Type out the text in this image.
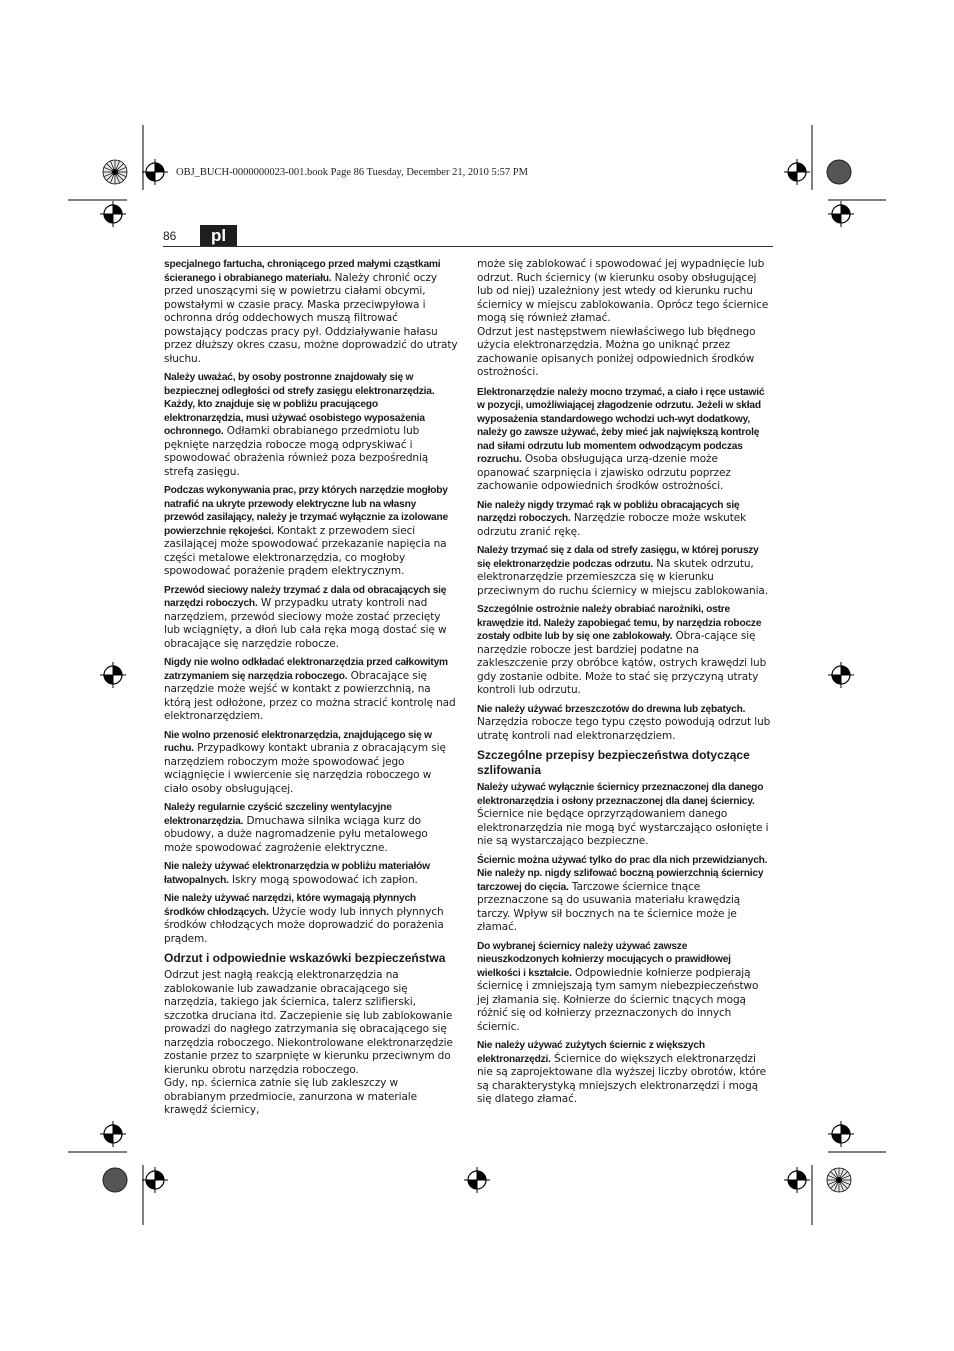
OBJ_BUCH-0000000023-001.book Page 86 Tuesday, December 21, 2010 5:57 PM
86	pl

specjalnego fartucha, chroniącego przed małymi cząstkami ścieranego i obrabianego materiału. Należy chronić oczy przed unoszącymi się w powietrzu ciałami obcymi, powstałymi w czasie pracy. Maska przeciwpyłowa i ochronna dróg oddechowych muszą filtrować powstający podczas pracy pył. Oddziaływanie hałasu przez dłuższy okres czasu, możne doprowadzić do utraty słuchu.

Należy uważać, by osoby postronne znajdowały się w bezpiecznej odległości od strefy zasięgu elektronarzędzia. Każdy, kto znajduje się w pobliżu pracującego elektronarzędzia, musi używać osobistego wyposażenia ochronnego. Odłamki obrabianego przedmiotu lub pęknięte narzędzia robocze mogą odpryskiwać i spowodować obrażenia również poza bezpośrednią strefą zasięgu.

Podczas wykonywania prac, przy których narzędzie mogłoby natrafić na ukryte przewody elektryczne lub na własny przewód zasilający, należy je trzymać wyłącznie za izolowane powierzchnie rękojeści. Kontakt z przewodem sieci zasilającej może spowodować przekazanie napięcia na części metalowe elektronarzędzia, co mogłoby spowodować porażenie prądem elektrycznym.

Przewód sieciowy należy trzymać z dala od obracających się narzędzi roboczych. W przypadku utraty kontroli nad narzędziem, przewód sieciowy może zostać przecięty lub wciągnięty, a dłoń lub cała ręka mogą dostać się w obracające się narzędzie robocze.

Nigdy nie wolno odkładać elektronarzędzia przed całkowitym zatrzymaniem się narzędzia roboczego. Obracające się narzędzie może wejść w kontakt z powierzchnią, na którą jest odłożone, przez co można stracić kontrolę nad elektronarzędziem.

Nie wolno przenosić elektronarzędzia, znajdującego się w ruchu. Przypadkowy kontakt ubrania z obracającym się narzędziem roboczym może spowodować jego wciągnięcie i wwiercenie się narzędzia roboczego w ciało osoby obsługującej.

Należy regularnie czyścić szczeliny wentylacyjne elektronarzędzia. Dmuchawa silnika wciąga kurz do obudowy, a duże nagromadzenie pyłu metalowego może spowodować zagrożenie elektryczne.

Nie należy używać elektronarzędzia w pobliżu materiałów łatwopalnych. Iskry mogą spowodować ich zapłon.

Nie należy używać narzędzi, które wymagają płynnych środków chłodzących. Użycie wody lub innych płynnych środków chłodzących może doprowadzić do porażenia prądem.

Odrzut i odpowiednie wskazówki bezpieczeństwa

Odrzut jest nagłą reakcją elektronarzędzia na zablokowanie lub zawadzanie obracającego się narzędzia, takiego jak ściernica, talerz szlifierski, szczotka druciana itd. Zaczepienie się lub zablokowanie prowadzi do nagłego zatrzymania się obracającego się narzędzia roboczego. Niekontrolowane elektronarzędzie zostanie przez to szarpnięte w kierunku przeciwnym do kierunku obrotu narzędzia roboczego.

Gdy, np. ściernica zatnie się lub zakleszczy w obrabianym przedmiocie, zanurzona w materiale krawędź ściernicy,

może się zablokować i spowodować jej wypadnięcie lub odrzut. Ruch ściernicy (w kierunku osoby obsługującej lub od niej) uzależniony jest wtedy od kierunku ruchu ściernicy w miejscu zablokowania. Oprócz tego ściernice mogą się również złamać.

Odrzut jest następstwem niewłaściwego lub błędnego użycia elektronarzędzia. Można go uniknąć przez zachowanie opisanych poniżej odpowiednich środków ostrożności.

Elektronarzędzie należy mocno trzymać, a ciało i ręce ustawić w pozycji, umożliwiającej złagodzenie odrzutu. Jeżeli w skład wyposażenia standardowego wchodzi uch-wyt dodatkowy, należy go zawsze używać, żeby mieć jak największą kontrolę nad siłami odrzutu lub momentem odwodzącym podczas rozruchu. Osoba obsługująca urzą-dzenie może opanować szarpnięcia i zjawisko odrzutu poprzez zachowanie odpowiednich środków ostrożności.

Nie należy nigdy trzymać rąk w pobliżu obracających się narzędzi roboczych. Narzędzie robocze może wskutek odrzutu zranić rękę.

Należy trzymać się z dala od strefy zasięgu, w której poruszy się elektronarzędzie podczas odrzutu. Na skutek odrzutu, elektronarzędzie przemieszcza się w kierunku przeciwnym do ruchu ściernicy w miejscu zablokowania.

Szczególnie ostrożnie należy obrabiać narożniki, ostre krawędzie itd. Należy zapobiegać temu, by narzędzia robocze zostały odbite lub by się one zablokowały. Obra-cające się narzędzie robocze jest bardziej podatne na zakleszczenie przy obróbce kątów, ostrych krawędzi lub gdy zostanie odbite. Może to stać się przyczyną utraty kontroli lub odrzutu.

Nie należy używać brzeszczotów do drewna lub zębatych. Narzędzia robocze tego typu często powodują odrzut lub utratę kontroli nad elektronarzędziem.

Szczególne przepisy bezpieczeństwa dotyczące szlifowania

Należy używać wyłącznie ściernicy przeznaczonej dla danego elektronarzędzia i osłony przeznaczonej dla danej ściernicy. Ściernice nie będące oprzyrządowaniem danego elektronarzędzia nie mogą być wystarczająco osłonięte i nie są wystarczająco bezpieczne.

Ściernic można używać tylko do prac dla nich przewidzianych. Nie należy np. nigdy szlifować boczną powierzchnią ściernicy tarczowej do cięcia. Tarczowe ściernice tnące przeznaczone są do usuwania materiału krawędzią tarczy. Wpływ sił bocznych na te ściernice może je złamać.

Do wybranej ściernicy należy używać zawsze nieuszkodzonych kołnierzy mocujących o prawidłowej wielkości i kształcie. Odpowiednie kołnierze podpierają ściernicę i zmniejszają tym samym niebezpieczeństwo jej złamania się. Kołnierze do ściernic tnących mogą różnić się od kołnierzy przeznaczonych do innych ściernic.

Nie należy używać zużytych ściernic z większych elektronarzędzi. Ściernice do większych elektronarzędzi nie są zaprojektowane dla wyższej liczby obrotów, które są charakterystyką mniejszych elektronarzędzi i mogą się dlatego złamać.
